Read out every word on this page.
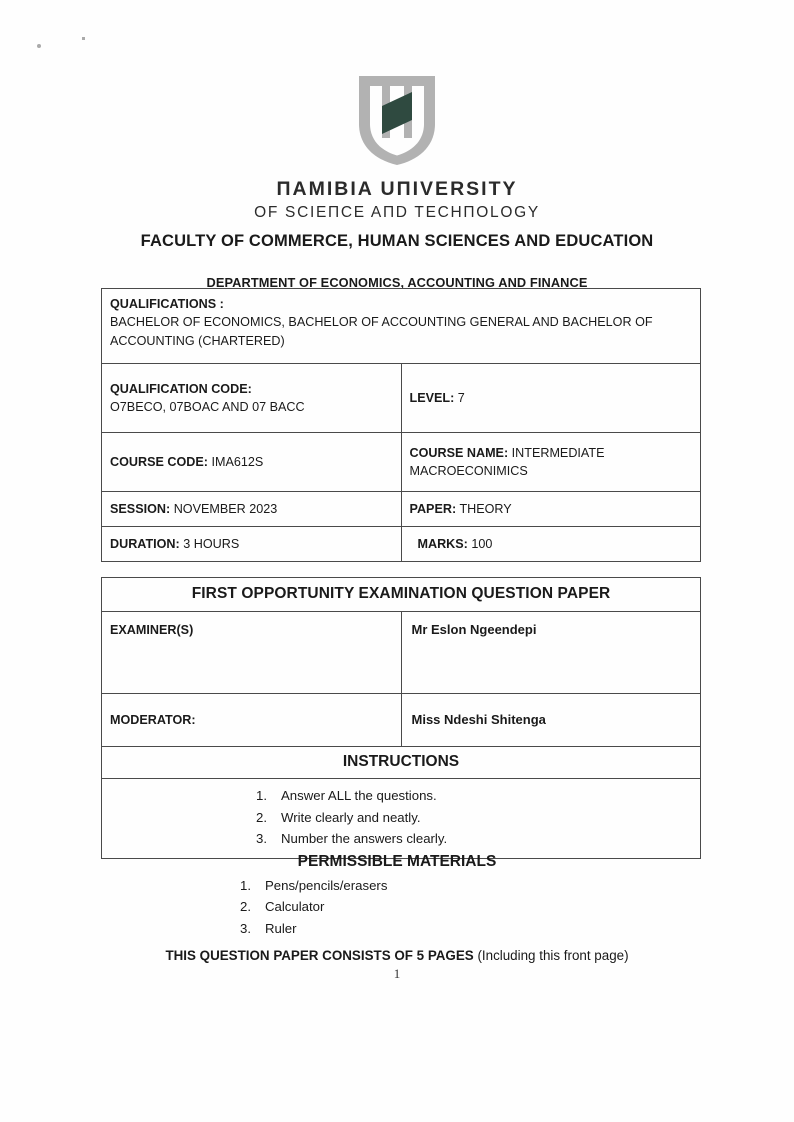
ПAMIBIA UПIVERSITY
OF SCIEПCE AПD TECHПOLOGY
FACULTY OF COMMERCE, HUMAN SCIENCES AND EDUCATION
DEPARTMENT OF ECONOMICS, ACCOUNTING AND FINANCE
QUALIFICATIONS :
BACHELOR OF ECONOMICS, BACHELOR OF ACCOUNTING GENERAL AND BACHELOR OF ACCOUNTING (CHARTERED)	
QUALIFICATION CODE:
O7BECO, 07BOAC AND 07 BACC	LEVEL: 7
COURSE CODE: IMA612S	COURSE NAME: INTERMEDIATE MACROECONIMICS
SESSION: NOVEMBER 2023	PAPER: THEORY
DURATION: 3 HOURS	MARKS: 100
FIRST OPPORTUNITY EXAMINATION QUESTION PAPER	
EXAMINER(S)	Mr Eslon Ngeendepi
MODERATOR:	Miss Ndeshi Shitenga
INSTRUCTIONS

1.	Answer ALL the questions.
2.	Write clearly and neatly.
3.	Number the answers clearly.
PERMISSIBLE MATERIALS
1.	Pens/pencils/erasers
2.	Calculator
3.	Ruler
THIS QUESTION PAPER CONSISTS OF 5 PAGES (Including this front page)
1
